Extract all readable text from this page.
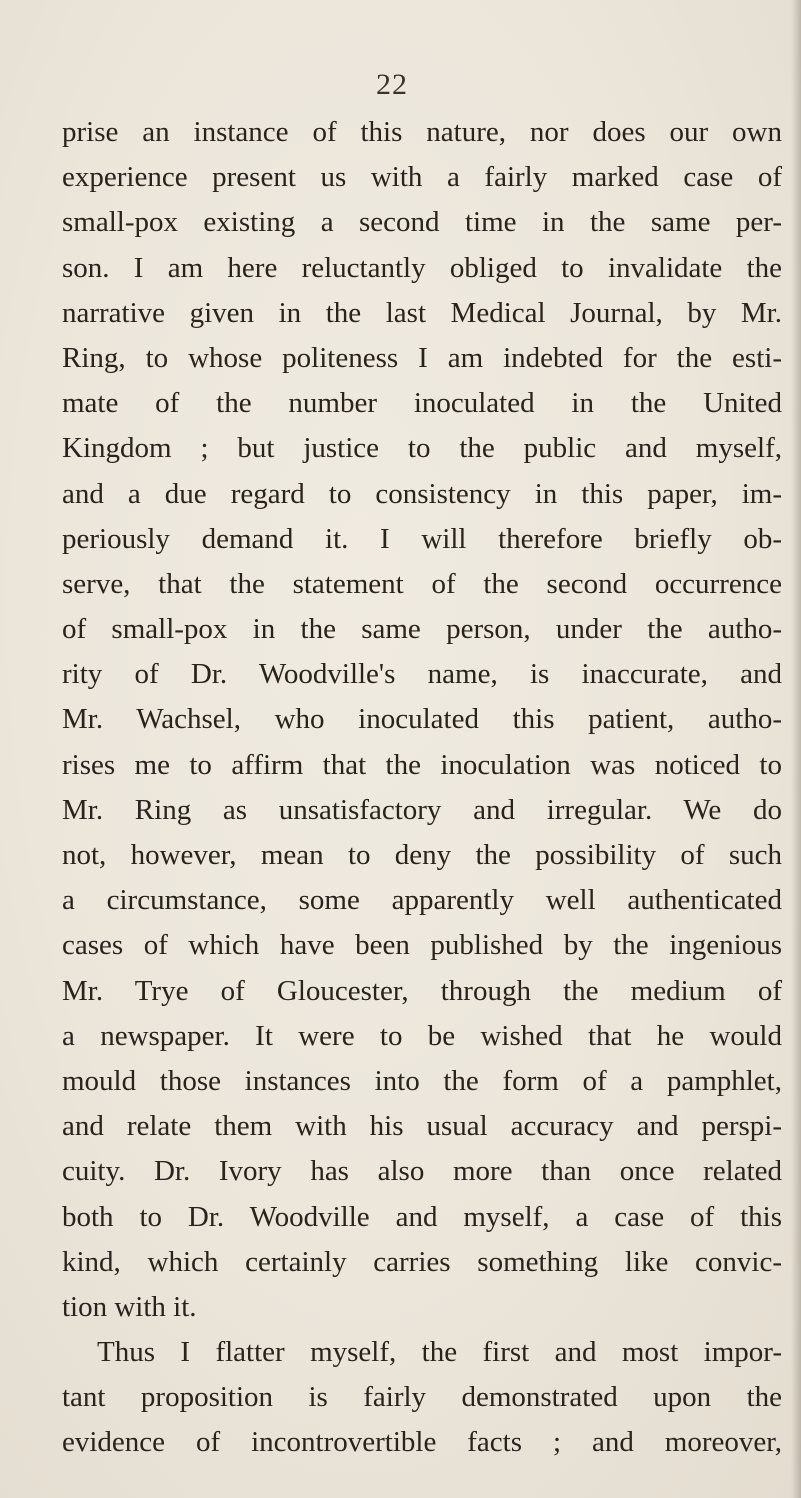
22
prise an instance of this nature, nor does our own
experience present us with a fairly marked case of
small-pox existing a second time in the same per-
son. I am here reluctantly obliged to invalidate the
narrative given in the last Medical Journal, by Mr.
Ring, to whose politeness I am indebted for the esti-
mate of the number inoculated in the United
Kingdom ; but justice to the public and myself,
and a due regard to consistency in this paper, im-
periously demand it. I will therefore briefly ob-
serve, that the statement of the second occurrence
of small-pox in the same person, under the autho-
rity of Dr. Woodville's name, is inaccurate, and
Mr. Wachsel, who inoculated this patient, autho-
rises me to affirm that the inoculation was noticed to
Mr. Ring as unsatisfactory and irregular. We do
not, however, mean to deny the possibility of such
a circumstance, some apparently well authenticated
cases of which have been published by the ingenious
Mr. Trye of Gloucester, through the medium of
a newspaper. It were to be wished that he would
mould those instances into the form of a pamphlet,
and relate them with his usual accuracy and perspi-
cuity. Dr. Ivory has also more than once related
both to Dr. Woodville and myself, a case of this
kind, which certainly carries something like convic-
tion with it.
Thus I flatter myself, the first and most impor-
tant proposition is fairly demonstrated upon the
evidence of incontrovertible facts ; and moreover,
